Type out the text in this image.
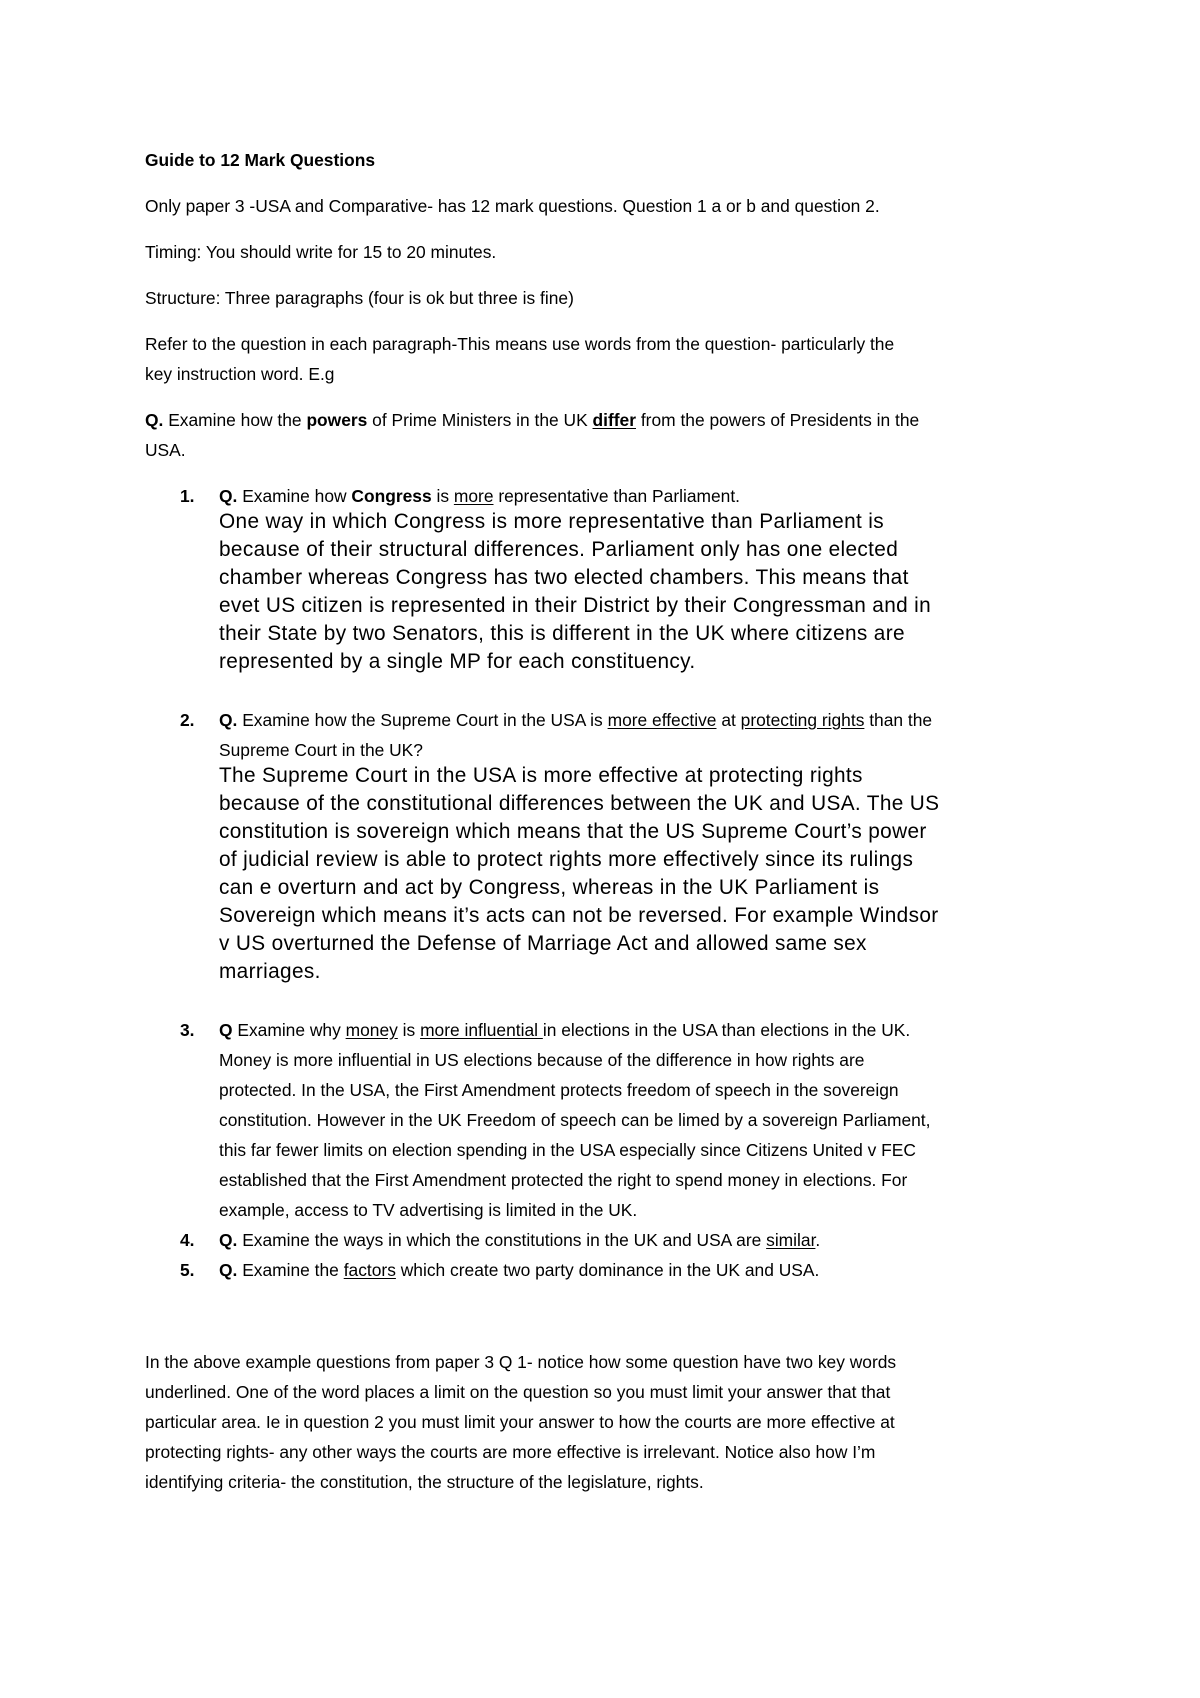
Guide to 12 Mark Questions
Only paper 3 -USA and Comparative- has 12 mark questions. Question 1 a or b and question 2.
Timing: You should write for 15 to 20 minutes.
Structure: Three paragraphs (four is ok but three is fine)
Refer to the question in each paragraph-This means use words from the question- particularly the
key instruction word. E.g
Q. Examine how the powers of Prime Ministers in the UK differ from the powers of Presidents in the
USA.
1. Q. Examine how Congress is more representative than Parliament.
One way in which Congress is more representative than Parliament is
because of their structural differences. Parliament only has one elected
chamber whereas Congress has two elected chambers. This means that
evet US citizen is represented in their District by their Congressman and in
their State by two Senators, this is different in the UK where citizens are
represented by a single MP for each constituency.
2. Q. Examine how the Supreme Court in the USA is more effective at protecting rights than the
Supreme Court in the UK?
The Supreme Court in the USA is more effective at protecting rights
because of the constitutional differences between the UK and USA. The US
constitution is sovereign which means that the US Supreme Court’s power
of judicial review is able to protect rights more effectively since its rulings
can e overturn and act by Congress, whereas in the UK Parliament is
Sovereign which means it’s acts can not be reversed. For example Windsor
v US overturned the Defense of Marriage Act and allowed same sex
marriages.
3. Q Examine why money is more influential in elections in the USA than elections in the UK.
Money is more influential in US elections because of the difference in how rights are
protected. In the USA, the First Amendment protects freedom of speech in the sovereign
constitution. However in the UK Freedom of speech can be limed by a sovereign Parliament,
this far fewer limits on election spending in the USA especially since Citizens United v FEC
established that the First Amendment protected the right to spend money in elections. For
example, access to TV advertising is limited in the UK.
4. Q. Examine the ways in which the constitutions in the UK and USA are similar.
5. Q. Examine the factors which create two party dominance in the UK and USA.
In the above example questions from paper 3 Q 1- notice how some question have two key words
underlined. One of the word places a limit on the question so you must limit your answer that that
particular area. Ie in question 2 you must limit your answer to how the courts are more effective at
protecting rights- any other ways the courts are more effective is irrelevant. Notice also how I’m
identifying criteria- the constitution, the structure of the legislature, rights.
